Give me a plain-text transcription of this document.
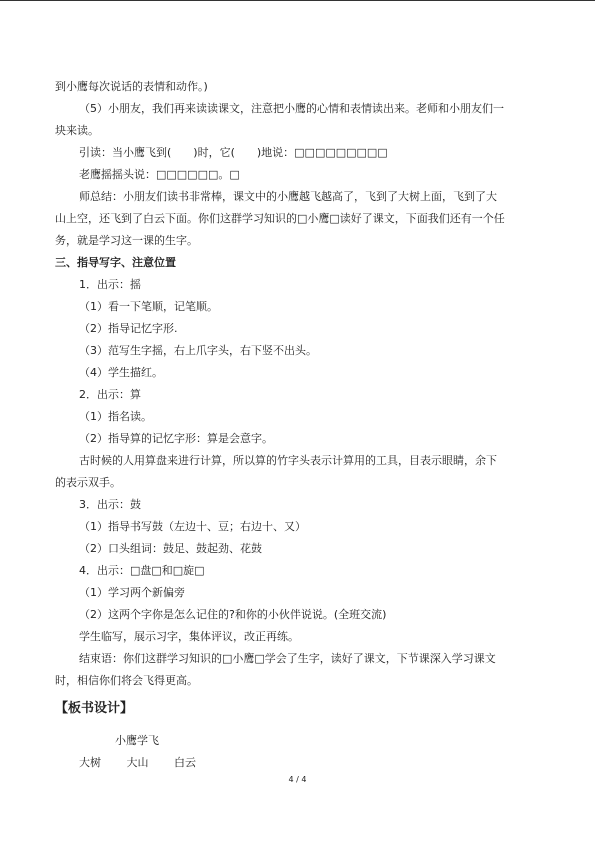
到小鹰每次说话的表情和动作。)

（5）小朋友，我们再来读读课文，注意把小鹰的心情和表情读出来。老师和小朋友们一

块来读。

引读：当小鹰飞到(　　)时，它(　　)地说：□□□□□□□□□

老鹰摇摇头说：□□□□□□。□

师总结：小朋友们读书非常棒，课文中的小鹰越飞越高了，飞到了大树上面，飞到了大

山上空，还飞到了白云下面。你们这群学习知识的□小鹰□读好了课文，下面我们还有一个任

务，就是学习这一课的生字。

三、指导写字、注意位置

1．出示：摇

（1）看一下笔顺，记笔顺。

（2）指导记忆字形.

（3）范写生字摇，右上爪字头，右下竖不出头。

（4）学生描红。

2．出示：算

（1）指名读。

（2）指导算的记忆字形：算是会意字。

古时候的人用算盘来进行计算，所以算的竹字头表示计算用的工具，目表示眼睛，余下

的表示双手。

3．出示：鼓

（1）指导书写鼓（左边十、豆；右边十、又）

（2）口头组词：鼓足、鼓起劲、花鼓

4．出示：□盘□和□旋□

（1）学习两个新偏旁

（2）这两个字你是怎么记住的?和你的小伙伴说说。(全班交流)

学生临写，展示习字，集体评议，改正再练。

结束语：你们这群学习知识的□小鹰□学会了生字，读好了课文，下节课深入学习课文

时，相信你们将会飞得更高。

【板书设计】

小鹰学飞

大树 大山 白云

4 / 4
